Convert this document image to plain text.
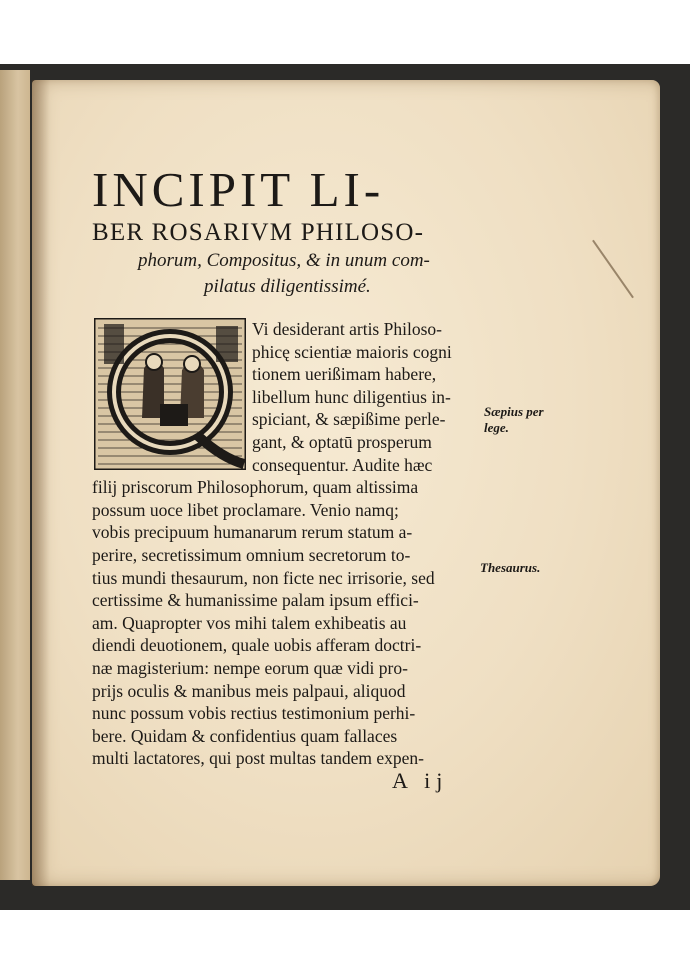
INCIPIT LI-

BER ROSARIVM PHILOSO-

phorum, Compositus, & in unum com-

pilatus diligentissimé.

Vi desiderant artis Philoso-

phicę scientiæ maioris cogni

tionem uerißimam habere,

libellum hunc diligentius in-

spiciant, & sæpißime perle-

gant, & optatū prosperum

consequentur. Audite hæc

filij priscorum Philosophorum, quam altissima

possum uoce libet proclamare. Venio namq;

vobis precipuum humanarum rerum statum a-

perire, secretissimum omnium secretorum to-

tius mundi thesaurum, non ficte nec irrisorie, sed

certissime & humanissime palam ipsum effici-

am. Quapropter vos mihi talem exhibeatis au

diendi deuotionem, quale uobis afferam doctri-

næ magisterium: nempe eorum quæ vidi pro-

prijs oculis & manibus meis palpaui, aliquod

nunc possum vobis rectius testimonium perhi-

bere. Quidam & confidentius quam fallaces

multi lactatores, qui post multas tandem expen-

Sæpius per lege.
Thesaurus.
A ij
